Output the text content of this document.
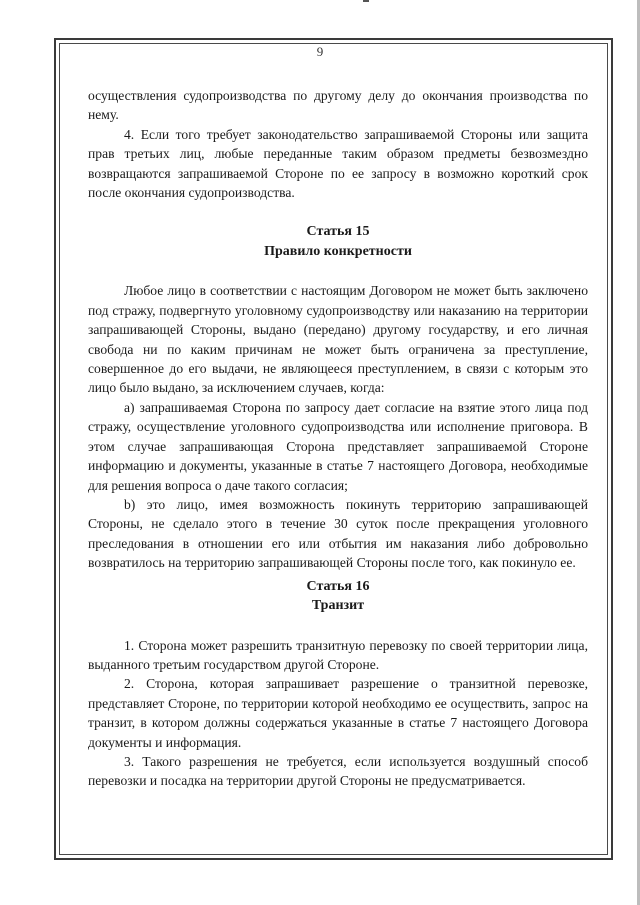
9

осуществления судопроизводства по другому делу до окончания производства по нему.

4. Если того требует законодательство запрашиваемой Стороны или защита прав третьих лиц, любые переданные таким образом предметы безвозмездно возвращаются запрашиваемой Стороне по ее запросу в возможно короткий срок после окончания судопроизводства.

Статья 15
Правило конкретности

Любое лицо в соответствии с настоящим Договором не может быть заключено под стражу, подвергнуто уголовному судопроизводству или наказанию на территории запрашивающей Стороны, выдано (передано) другому государству, и его личная свобода ни по каким причинам не может быть ограничена за преступление, совершенное до его выдачи, не являющееся преступлением, в связи с которым это лицо было выдано, за исключением случаев, когда:

a) запрашиваемая Сторона по запросу дает согласие на взятие этого лица под стражу, осуществление уголовного судопроизводства или исполнение приговора. В этом случае запрашивающая Сторона представляет запрашиваемой Стороне информацию и документы, указанные в статье 7 настоящего Договора, необходимые для решения вопроса о даче такого согласия;

b) это лицо, имея возможность покинуть территорию запрашивающей Стороны, не сделало этого в течение 30 суток после прекращения уголовного преследования в отношении его или отбытия им наказания либо добровольно возвратилось на территорию запрашивающей Стороны после того, как покинуло ее.

Статья 16
Транзит

1. Сторона может разрешить транзитную перевозку по своей территории лица, выданного третьим государством другой Стороне.

2. Сторона, которая запрашивает разрешение о транзитной перевозке, представляет Стороне, по территории которой необходимо ее осуществить, запрос на транзит, в котором должны содержаться указанные в статье 7 настоящего Договора документы и информация.

3. Такого разрешения не требуется, если используется воздушный способ перевозки и посадка на территории другой Стороны не предусматривается.
